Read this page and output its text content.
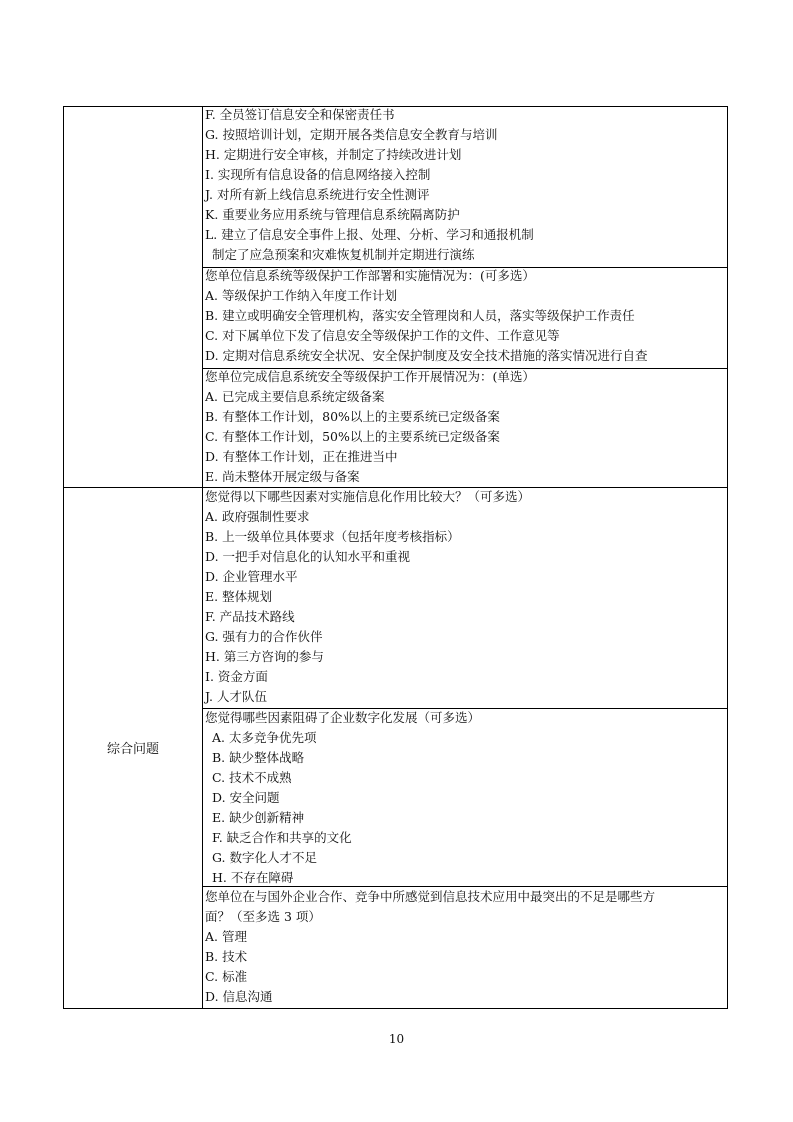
综合问题
F. 全员签订信息安全和保密责任书
G. 按照培训计划，定期开展各类信息安全教育与培训
H. 定期进行安全审核，并制定了持续改进计划
I. 实现所有信息设备的信息网络接入控制
J. 对所有新上线信息系统进行安全性测评
K. 重要业务应用系统与管理信息系统隔离防护
L. 建立了信息安全事件上报、处理、分析、学习和通报机制
制定了应急预案和灾难恢复机制并定期进行演练
您单位信息系统等级保护工作部署和实施情况为：(可多选）
A. 等级保护工作纳入年度工作计划
B. 建立或明确安全管理机构，落实安全管理岗和人员，落实等级保护工作责任
C. 对下属单位下发了信息安全等级保护工作的文件、工作意见等
D. 定期对信息系统安全状况、安全保护制度及安全技术措施的落实情况进行自查
您单位完成信息系统安全等级保护工作开展情况为：(单选）
A. 已完成主要信息系统定级备案
B. 有整体工作计划，80%以上的主要系统已定级备案
C. 有整体工作计划，50%以上的主要系统已定级备案
D. 有整体工作计划，正在推进当中
E. 尚未整体开展定级与备案
您觉得以下哪些因素对实施信息化作用比较大？（可多选）
A. 政府强制性要求
B. 上一级单位具体要求（包括年度考核指标）
D. 一把手对信息化的认知水平和重视
D. 企业管理水平
E. 整体规划
F. 产品技术路线
G. 强有力的合作伙伴
H. 第三方咨询的参与
I. 资金方面
J. 人才队伍
您觉得哪些因素阻碍了企业数字化发展（可多选）
A. 太多竞争优先项
B. 缺少整体战略
C. 技术不成熟
D. 安全问题
E. 缺少创新精神
F. 缺乏合作和共享的文化
G. 数字化人才不足
H. 不存在障碍
您单位在与国外企业合作、竞争中所感觉到信息技术应用中最突出的不足是哪些方
面？（至多选 3 项）
A. 管理
B. 技术
C. 标准
D. 信息沟通
10
